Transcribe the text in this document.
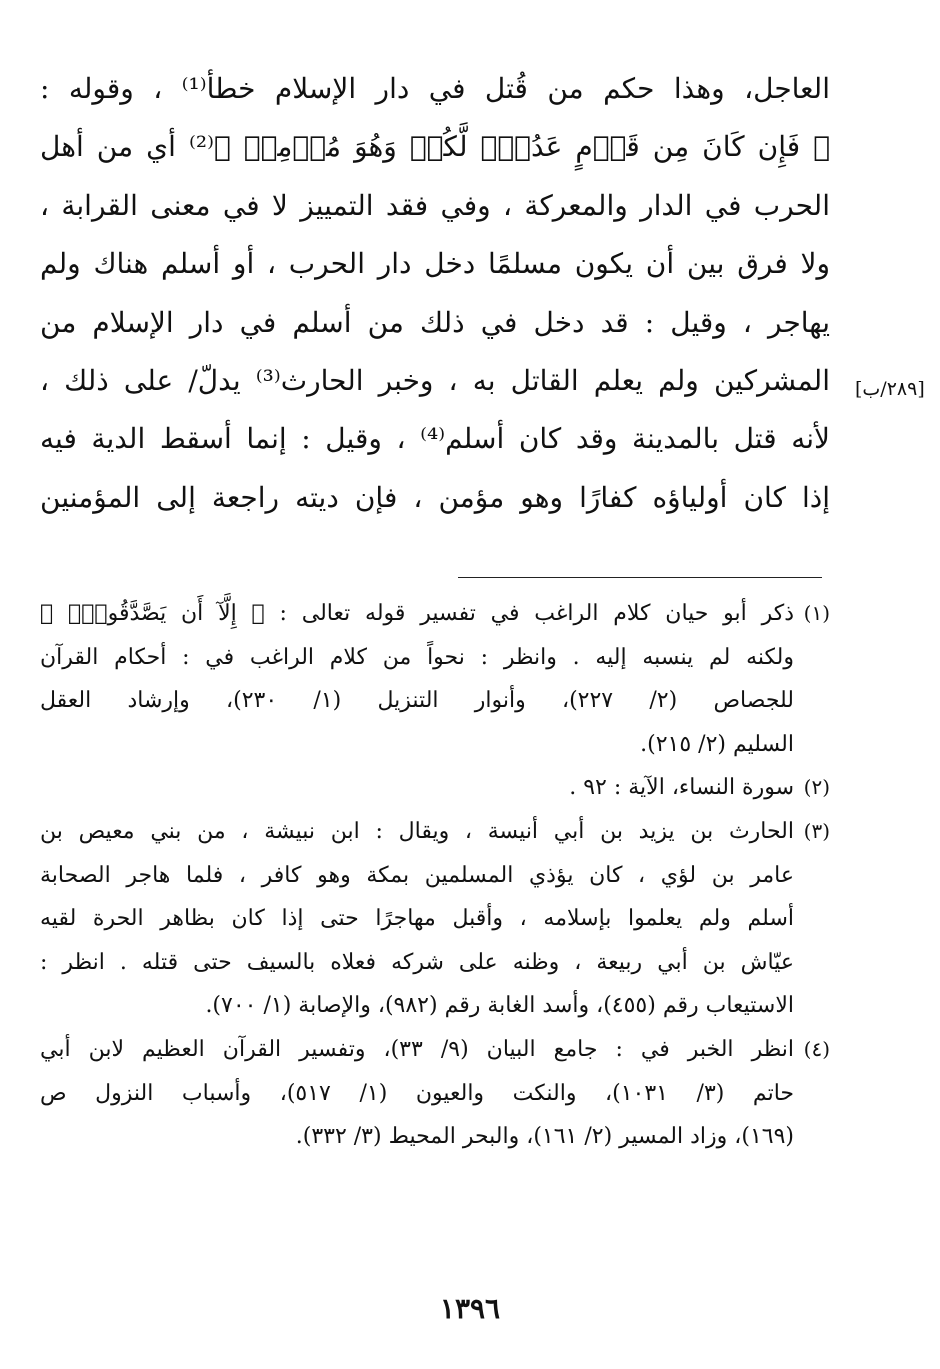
العاجل، وهذا حكم من قُتل في دار الإسلام خطأ⁽¹⁾ ، وقوله :
﴿ فَإِن كَانَ مِن قَوۡمٍ عَدُوّٖ لَّكُمۡ وَهُوَ مُؤۡمِنٞ ﴾⁽²⁾ أي من أهل
الحرب في الدار والمعركة ، وفي فقد التمييز لا في معنى القرابة ،
ولا فرق بين أن يكون مسلمًا دخل دار الحرب ، أو أسلم هناك ولم
يهاجر ، وقيل : قد دخل في ذلك من أسلم في دار الإسلام من
المشركين ولم يعلم القاتل به ، وخبر الحارث⁽³⁾ يدلّ/ على ذلك ،
لأنه قتل بالمدينة وقد كان أسلم⁽⁴⁾ ، وقيل : إنما أسقط الدية فيه
إذا كان أولياؤه كفارًا وهو مؤمن ، فإن ديته راجعة إلى المؤمنين
[٢٨٩/ب]
(١)
ذكر أبو حيان كلام الراغب في تفسير قوله تعالى : ﴿ إِلَّآ أَن يَصَّدَّقُواْۚ ﴾
ولكنه لم ينسبه إليه . وانظر : نحواً من كلام الراغب في : أحكام القرآن
للجصاص (٢/ ٢٢٧)، وأنوار التنزيل (١/ ٢٣٠)، وإرشاد العقل
السليم (٢/ ٢١٥).
(٢)
سورة النساء، الآية : ٩٢ .
(٣)
الحارث بن يزيد بن أبي أنيسة ، ويقال : ابن نبيشة ، من بني معيص بن
عامر بن لؤي ، كان يؤذي المسلمين بمكة وهو كافر ، فلما هاجر الصحابة
أسلم ولم يعلموا بإسلامه ، وأقبل مهاجرًا حتى إذا كان بظاهر الحرة لقيه
عيّاش بن أبي ربيعة ، وظنه على شركه فعلاه بالسيف حتى قتله . انظر :
الاستيعاب رقم (٤٥٥)، وأسد الغابة رقم (٩٨٢)، والإصابة (١/ ٧٠٠).
(٤)
انظر الخبر في : جامع البيان (٩/ ٣٣)، وتفسير القرآن العظيم لابن أبي
حاتم (٣/ ١٠٣١)، والنكت والعيون (١/ ٥١٧)، وأسباب النزول ص
(١٦٩)، وزاد المسير (٢/ ١٦١)، والبحر المحيط (٣/ ٣٣٢).
١٣٩٦
